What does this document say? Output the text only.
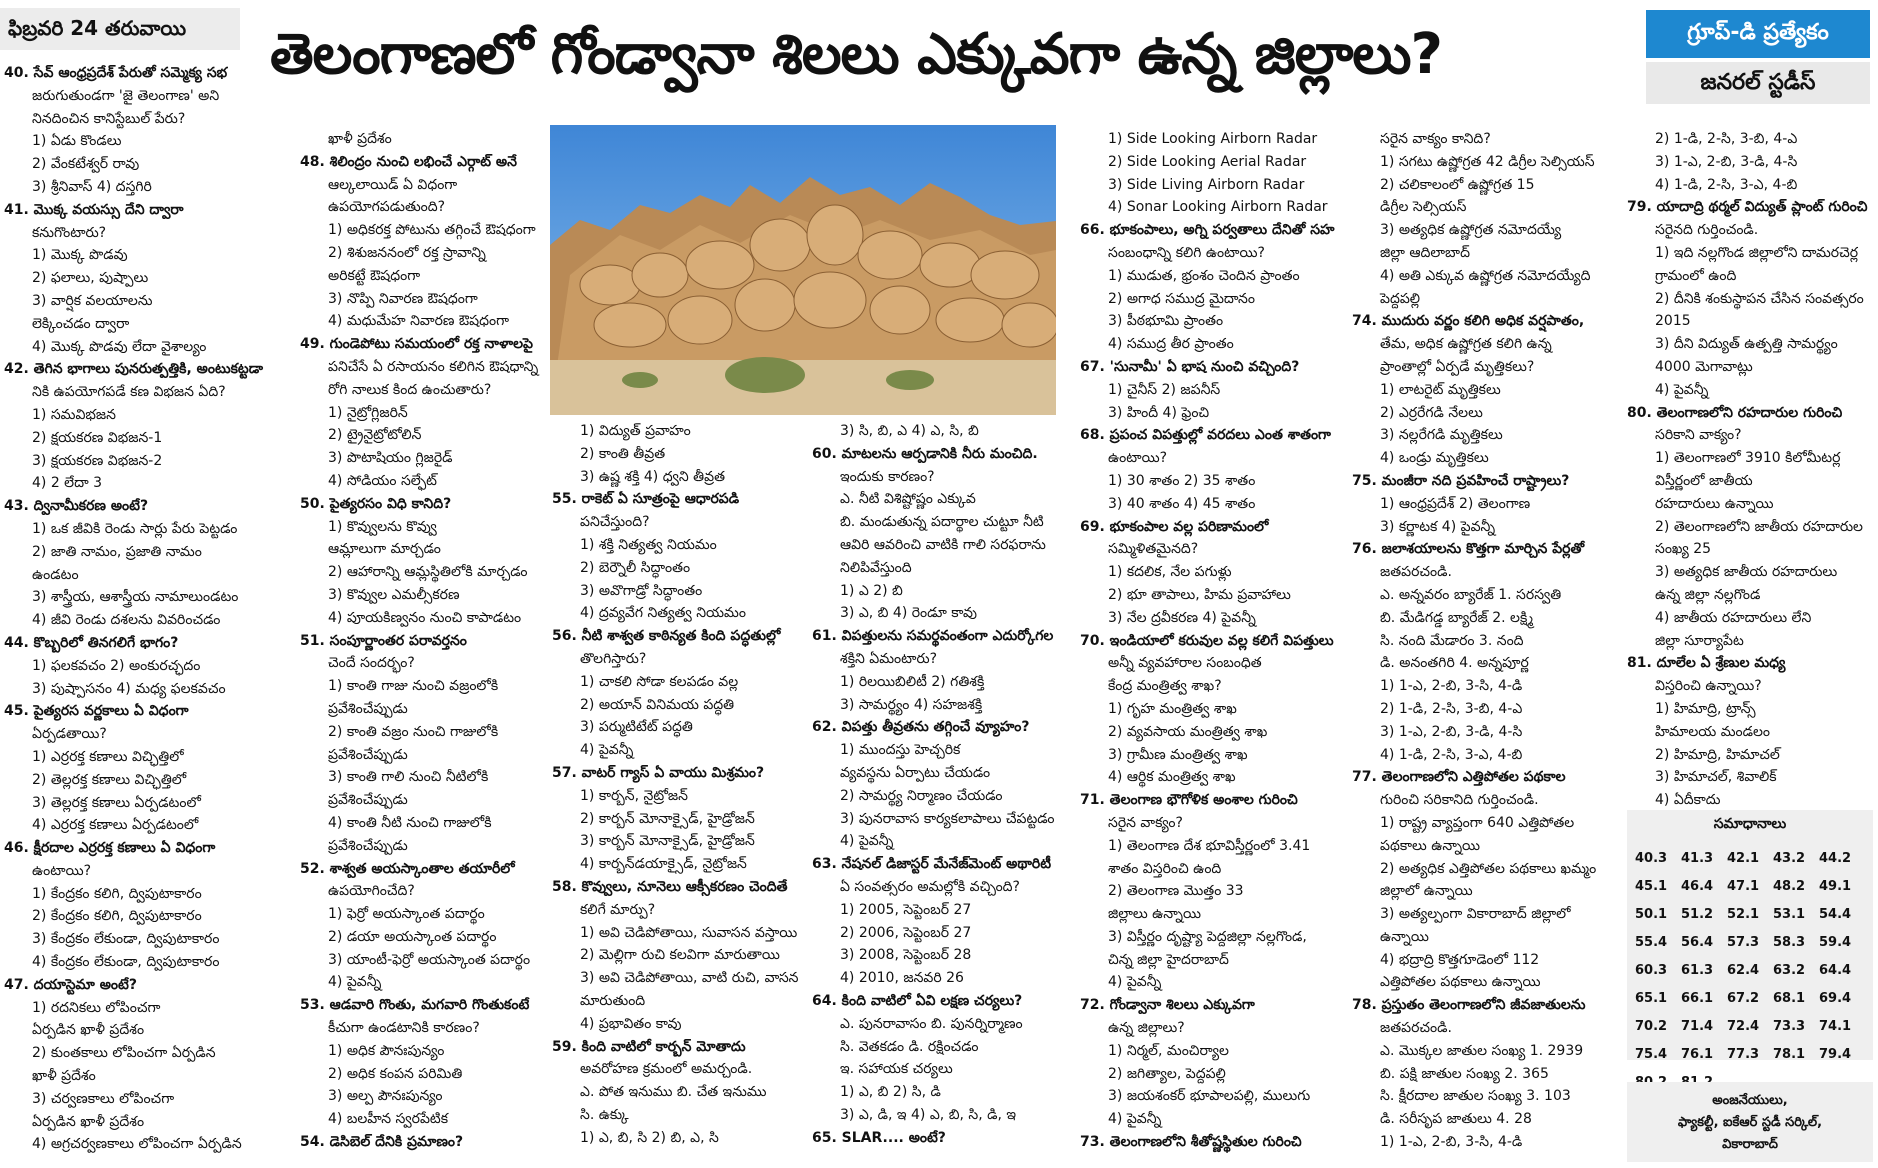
ఫిబ్రవరి 24 తరువాయి	తెలంగాణలో గోండ్వానా శిలలు ఎక్కువగా ఉన్న జిల్లాలు?	గ్రూప్-డి ప్రత్యేకం
జనరల్ స్టడీస్

40. సేవ్ ఆంధ్రప్రదేశ్ పేరుతో సమ్మెక్య సభ

జరుగుతుండగా 'జై తెలంగాణ' అని

నినదించిన కానిస్టేబుల్ పేరు?

1) ఏడు కొండలు

2) వేంకటేశ్వర్ రావు

3) శ్రీనివాస్ 4) దస్తగిరి

41. మొక్క వయస్సు దేని ద్వారా

కనుగొంటారు?

1) మొక్క పొడవు

2) ఫలాలు, పుష్పాలు

3) వార్షిక వలయాలను

లెక్కించడం ద్వారా

4) మొక్క పొడవు లేదా వైశాల్యం

42. తెగిన భాగాలు పునరుత్పత్తికి, అంటుకట్టడా

నికి ఉపయోగపడే కణ విభజన ఏది?

1) సమవిభజన

2) క్షయకరణ విభజన-1

3) క్షయకరణ విభజన-2

4) 2 లేదా 3

43. ద్వినామీకరణ అంటే?

1) ఒక జీవికి రెండు సార్లు పేరు పెట్టడం

2) జాతి నామం, ప్రజాతి నామం

ఉండటం

3) శాస్త్రీయ, ఆశాస్త్రీయ నామాలుండటం

4) జీవి రెండు దశలను వివరించడం

44. కొబ్బరిలో తినగలిగే భాగం?

1) ఫలకవచం 2) అంకురచ్ఛదం

3) పుష్పాసనం 4) మధ్య ఫలకవచం

45. పైత్యరస వర్ణకాలు ఏ విధంగా

ఏర్పడతాయి?

1) ఎర్రరక్త కణాలు విచ్ఛిత్తిలో

2) తెల్లరక్త కణాలు విచ్ఛిత్తిలో

3) తెల్లరక్త కణాలు ఏర్పడటంలో

4) ఎర్రరక్త కణాలు ఏర్పడటంలో

46. క్షీరదాల ఎర్రరక్త కణాలు ఏ విధంగా

ఉంటాయి?

1) కేంద్రకం కలిగి, ద్విపుటాకారం

2) కేంద్రకం కలిగి, ద్విపుటాకారం

3) కేంద్రకం లేకుండా, ద్విపుటాకారం

4) కేంద్రకం లేకుండా, ద్విపుటాకారం

47. దయాస్టెమా అంటే?

1) రదనికలు లోపించగా

ఏర్పడిన ఖాళీ ప్రదేశం

2) కుంతకాలు లోపించగా ఏర్పడిన

ఖాళీ ప్రదేశం

3) చర్వణకాలు లోపించగా

ఏర్పడిన ఖాళీ ప్రదేశం

4) అగ్రచర్వణకాలు లోపించగా ఏర్పడిన

ఖాళీ ప్రదేశం

48. శిలింద్రం నుంచి లభించే ఎర్గాట్ అనే

ఆల్కలాయిడ్ ఏ విధంగా

ఉపయోగపడుతుంది?

1) అధికరక్త పోటును తగ్గించే ఔషధంగా

2) శిశుజననంలో రక్త స్రావాన్ని

అరికట్టే ఔషధంగా

3) నొప్పి నివారణ ఔషధంగా

4) మధుమేహ నివారణ ఔషధంగా

49. గుండెపోటు సమయంలో రక్త నాళాలపై

పనిచేసే ఏ రసాయనం కలిగిన ఔషధాన్ని

రోగి నాలుక కింద ఉంచుతారు?

1) నైట్రోగ్లిజరిన్

2) ట్రైనైట్రోటోలిన్

3) పొటాషియం గ్లిజరైడ్

4) సోడియం సల్ఫేట్

50. పైత్యరసం విధి కానిది?

1) కొవ్వులను కొవ్వు

ఆమ్లాలుగా మార్చడం

2) ఆహారాన్ని ఆమ్లస్థితిలోకి మార్చడం

3) కొవ్వుల ఎమల్సీకరణ

4) పూయకిణ్వనం నుంచి కాపాడటం

51. సంపూర్ణాంతర పరావర్తనం

చెందే సందర్భం?

1) కాంతి గాజు నుంచి వజ్రంలోకి

ప్రవేశించేప్పుడు

2) కాంతి వజ్రం నుంచి గాజులోకి

ప్రవేశించేప్పుడు

3) కాంతి గాలి నుంచి నీటిలోకి

ప్రవేశించేప్పుడు

4) కాంతి నీటి నుంచి గాజులోకి

ప్రవేశించేప్పుడు

52. శాశ్వత అయస్కాంతాల తయారీలో

ఉపయోగించేది?

1) ఫెర్రో అయస్కాంత పదార్థం

2) డయా అయస్కాంత పదార్థం

3) యాంటీ-ఫెర్రో అయస్కాంత పదార్థం

4) పైవన్నీ

53. ఆడవారి గొంతు, మగవారి గొంతుకంటే

కీచుగా ఉండటానికి కారణం?

1) అధిక పౌనఃపున్యం

2) అధిక కంపన పరిమితి

3) అల్ప పౌనఃపున్యం

4) బలహీన స్వరపేటిక

54. డెసిబెల్ దేనికి ప్రమాణం?

1) విద్యుత్ ప్రవాహం

2) కాంతి తీవ్రత

3) ఉష్ణ శక్తి 4) ధ్వని తీవ్రత

55. రాకెట్ ఏ సూత్రంపై ఆధారపడి

పనిచేస్తుంది?

1) శక్తి నిత్యత్వ నియమం

2) బెర్నౌలీ సిద్ధాంతం

3) అవొగాడ్రో సిద్ధాంతం

4) ద్రవ్యవేగ నిత్యత్వ నియమం

56. నీటి శాశ్వత కాఠిన్యత కింది పద్ధతుల్లో

తొలగిస్తారు?

1) చాకలి సోడా కలపడం వల్ల

2) అయాన్ వినిమయ పద్ధతి

3) పర్ముటిటేట్ పద్ధతి

4) పైవన్నీ

57. వాటర్ గ్యాస్ ఏ వాయు మిశ్రమం?

1) కార్బన్, నైట్రోజన్

2) కార్బన్ మోనాక్సైడ్, హైడ్రోజన్

3) కార్బన్ మోనాక్సైడ్, హైడ్రోజన్

4) కార్బన్‌డయాక్సైడ్, నైట్రోజన్

58. కొవ్వులు, నూనెలు ఆక్సీకరణం చెందితే

కలిగే మార్పు?

1) అవి చెడిపోతాయి, సువాసన వస్తాయి

2) మెల్లిగా రుచి కలవిగా మారుతాయి

3) అవి చెడిపోతాయి, వాటి రుచి, వాసన

మారుతుంది

4) ప్రభావితం కావు

59. కింది వాటిలో కార్బన్ మోతాదు

అవరోహణ క్రమంలో అమర్చండి.

ఎ. పోత ఇనుము బి. చేత ఇనుము

సి. ఉక్కు

1) ఎ, బి, సి 2) బి, ఎ, సి

3) సి, బి, ఎ 4) ఎ, సి, బి

60. మాటలను ఆర్పడానికి నీరు మంచిది.

ఇందుకు కారణం?

ఎ. నీటి విశిష్టోష్ణం ఎక్కువ

బి. మండుతున్న పదార్థాల చుట్టూ నీటి

ఆవిరి ఆవరించి వాటికి గాలి సరఫరాను

నిలిపివేస్తుంది

1) ఎ 2) బి

3) ఎ, బి 4) రెండూ కావు

61. విపత్తులను సమర్థవంతంగా ఎదుర్కోగల

శక్తిని ఏమంటారు?

1) రిలయిబిలిటీ 2) గతిశక్తి

3) సామర్థ్యం 4) సహజశక్తి

62. విపత్తు తీవ్రతను తగ్గించే వ్యూహం?

1) ముందస్తు హెచ్చరిక

వ్యవస్థను ఏర్పాటు చేయడం

2) సామర్థ్య నిర్మాణం చేయడం

3) పునరావాస కార్యకలాపాలు చేపట్టడం

4) పైవన్నీ

63. నేషనల్ డిజాస్టర్ మేనేజ్‌మెంట్ అథారిటీ

ఏ సంవత్సరం అమల్లోకి వచ్చింది?

1) 2005, సెప్టెంబర్ 27

2) 2006, సెప్టెంబర్ 27

3) 2008, సెప్టెంబర్ 28

4) 2010, జనవరి 26

64. కింది వాటిలో ఏవి లక్షణ చర్యలు?

ఎ. పునరావాసం బి. పునర్నిర్మాణం

సి. వెతకడం డి. రక్షించడం

ఇ. సహాయక చర్యలు

1) ఎ, బి 2) సి, డి

3) ఎ, డి, ఇ 4) ఎ, బి, సి, డి, ఇ

65. SLAR.... అంటే?

1) Side Looking Airborn Radar

2) Side Looking Aerial Radar

3) Side Living Airborn Radar

4) Sonar Looking Airborn Radar

66. భూకంపాలు, అగ్ని పర్వతాలు దేనితో సహ

సంబంధాన్ని కలిగి ఉంటాయి?

1) ముడుత, భ్రంశం చెందిన ప్రాంతం

2) అగాధ సముద్ర మైదానం

3) పీఠభూమి ప్రాంతం

4) సముద్ర తీర ప్రాంతం

67. 'సునామీ' ఏ భాష నుంచి వచ్చింది?

1) చైనీస్ 2) జపనీస్

3) హిందీ 4) ఫ్రెంచి

68. ప్రపంచ విపత్తుల్లో వరదలు ఎంత శాతంగా

ఉంటాయి?

1) 30 శాతం 2) 35 శాతం

3) 40 శాతం 4) 45 శాతం

69. భూకంపాల వల్ల పరిణామంలో

సమ్మిళితమైనది?

1) కదలిక, నేల పగుళ్లు

2) భూ తాపాలు, హిమ ప్రవాహాలు

3) నేల ద్రవీకరణ 4) పైవన్నీ

70. ఇండియాలో కరువుల వల్ల కలిగే విపత్తులు

అన్నీ వ్యవహారాల సంబంధిత

కేంద్ర మంత్రిత్వ శాఖ?

1) గృహ మంత్రిత్వ శాఖ

2) వ్యవసాయ మంత్రిత్వ శాఖ

3) గ్రామీణ మంత్రిత్వ శాఖ

4) ఆర్థిక మంత్రిత్వ శాఖ

71. తెలంగాణ భౌగోళిక అంశాల గురించి

సరైన వాక్యం?

1) తెలంగాణ దేశ భూవిస్తీర్ణంలో 3.41

శాతం విస్తరించి ఉంది

2) తెలంగాణ మొత్తం 33

జిల్లాలు ఉన్నాయి

3) విస్తీర్ణం దృష్ట్యా పెద్దజిల్లా నల్లగొండ,

చిన్న జిల్లా హైదరాబాద్

4) పైవన్నీ

72. గోండ్వానా శిలలు ఎక్కువగా

ఉన్న జిల్లాలు?

1) నిర్మల్, మంచిర్యాల

2) జగిత్యాల, పెద్దపల్లి

3) జయశంకర్ భూపాలపల్లి, ములుగు

4) పైవన్నీ

73. తెలంగాణలోని శీతోష్ణస్థితుల గురించి

సరైన వాక్యం కానిది?

1) సగటు ఉష్ణోగ్రత 42 డిగ్రీల సెల్సియస్

2) చలికాలంలో ఉష్ణోగ్రత 15

డిగ్రీల సెల్సియస్

3) అత్యధిక ఉష్ణోగ్రత నమోదయ్యే

జిల్లా ఆదిలాబాద్

4) అతి ఎక్కువ ఉష్ణోగ్రత నమోదయ్యేది

పెద్దపల్లి

74. ముదురు వర్ణం కలిగి అధిక వర్షపాతం,

తేమ, అధిక ఉష్ణోగ్రత కలిగి ఉన్న

ప్రాంతాల్లో ఏర్పడే మృత్తికలు?

1) లాటరైట్ మృత్తికలు

2) ఎర్రరేగడి నేలలు

3) నల్లరేగడి మృత్తికలు

4) ఒండ్రు మృత్తికలు

75. మంజీరా నది ప్రవహించే రాష్ట్రాలు?

1) ఆంధ్రప్రదేశ్ 2) తెలంగాణ

3) కర్ణాటక 4) పైవన్నీ

76. జలాశయాలను కొత్తగా మార్చిన పేర్లతో

జతపరచండి.

ఎ. అన్నవరం బ్యారేజ్ 1. సరస్వతి

బి. మేడిగడ్డ బ్యారేజ్ 2. లక్ష్మి

సి. నంది మేడారం 3. నంది

డి. అనంతగిరి 4. అన్నపూర్ణ

1) 1-ఎ, 2-బి, 3-సి, 4-డి

2) 1-డి, 2-సి, 3-బి, 4-ఎ

3) 1-ఎ, 2-బి, 3-డి, 4-సి

4) 1-డి, 2-సి, 3-ఎ, 4-బి

77. తెలంగాణలోని ఎత్తిపోతల పథకాల

గురించి సరికానిది గుర్తించండి.

1) రాష్ట్ర వ్యాప్తంగా 640 ఎత్తిపోతల

పథకాలు ఉన్నాయి

2) అత్యధిక ఎత్తిపోతల పథకాలు ఖమ్మం

జిల్లాలో ఉన్నాయి

3) అత్యల్పంగా వికారాబాద్ జిల్లాలో

ఉన్నాయి

4) భద్రాద్రి కొత్తగూడెంలో 112

ఎత్తిపోతల పథకాలు ఉన్నాయి

78. ప్రస్తుతం తెలంగాణలోని జీవజాతులను

జతపరచండి.

ఎ. మొక్కల జాతుల సంఖ్య 1. 2939

బి. పక్షి జాతుల సంఖ్య 2. 365

సి. క్షీరదాల జాతుల సంఖ్య 3. 103

డి. సరీసృప జాతులు 4. 28

1) 1-ఎ, 2-బి, 3-సి, 4-డి

2) 1-డి, 2-సి, 3-బి, 4-ఎ

3) 1-ఎ, 2-బి, 3-డి, 4-సి

4) 1-డి, 2-సి, 3-ఎ, 4-బి

79. యాదాద్రి థర్మల్ విద్యుత్ ప్లాంట్ గురించి

సరైనది గుర్తించండి.

1) ఇది నల్లగొండ జిల్లాలోని దామరచెర్ల

గ్రామంలో ఉంది

2) దీనికి శంకుస్థాపన చేసిన సంవత్సరం

2015

3) దీని విద్యుత్ ఉత్పత్తి సామర్థ్యం

4000 మెగావాట్లు

4) పైవన్నీ

80. తెలంగాణలోని రహదారుల గురించి

సరికాని వాక్యం?

1) తెలంగాణలో 3910 కిలోమీటర్ల

విస్తీర్ణంలో జాతీయ

రహదారులు ఉన్నాయి

2) తెలంగాణలోని జాతీయ రహదారుల

సంఖ్య 25

3) అత్యధిక జాతీయ రహదారులు

ఉన్న జిల్లా నల్లగొండ

4) జాతీయ రహదారులు లేని

జిల్లా సూర్యాపేట

81. దూలేల ఏ శ్రేణుల మధ్య

విస్తరించి ఉన్నాయి?

1) హిమాద్రి, ట్రాన్స్

హిమాలయ మండలం

2) హిమాద్రి, హిమాచల్

3) హిమాచల్, శివాలిక్

4) ఏదీకాదు

సమాధానాలు
40.3	41.3	42.1	43.2	44.2
45.1	46.4	47.1	48.2	49.1
50.1	51.2	52.1	53.1	54.4
55.4	56.4	57.3	58.3	59.4
60.3	61.3	62.4	63.2	64.4
65.1	66.1	67.2	68.1	69.4
70.2	71.4	72.4	73.3	74.1
75.4	76.1	77.3	78.1	79.4
అంజనేయులు,
ఫ్యాకల్టీ, ఐకేఆర్ స్టడీ సర్కిల్,
వికారాబాద్
